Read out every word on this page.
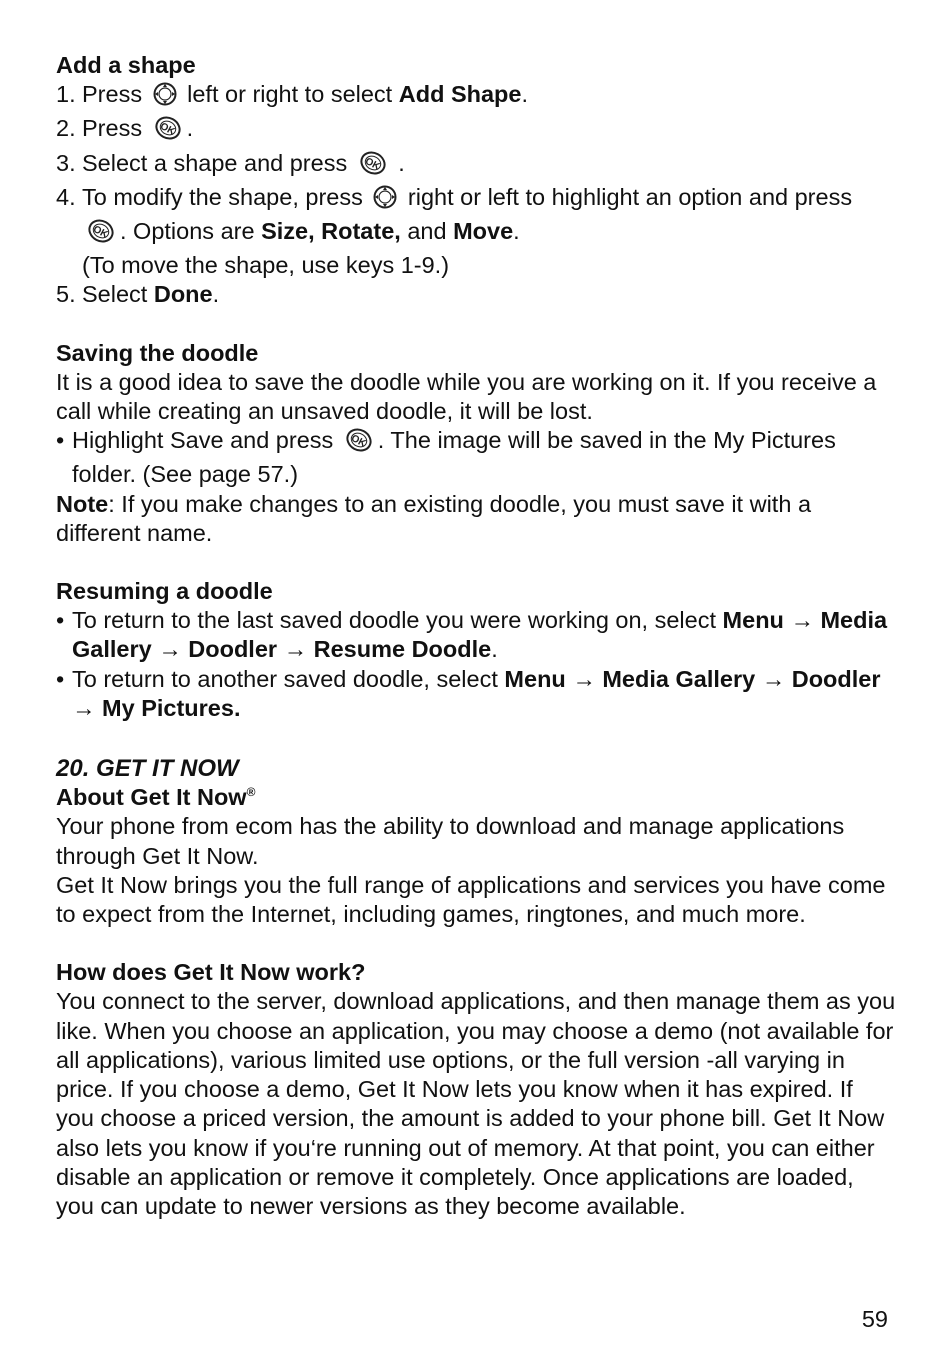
Add a shape

1. Press left or right to select Add Shape.
2. Press OK .
3. Select a shape and press OK .
4. To modify the shape, press right or left to highlight an option and press
OK . Options are Size, Rotate, and Move.
(To move the shape, use keys 1-9.)
5. Select Done.

Saving the doodle

It is a good idea to save the doodle while you are working on it. If you receive a call while creating an unsaved doodle, it will be lost.

• Highlight Save and press OK . The image will be saved in the My Pictures folder. (See page 57.)

Note: If you make changes to an existing doodle, you must save it with a different name.

Resuming a doodle

• To return to the last saved doodle you were working on, select Menu → Media Gallery → Doodler → Resume Doodle.
• To return to another saved doodle, select Menu → Media Gallery → Doodler → My Pictures.

20. GET IT NOW

About Get It Now®

Your phone from ecom has the ability to download and manage applications through Get It Now.

Get It Now brings you the full range of applications and services you have come to expect from the Internet, including games, ringtones, and much more.

How does Get It Now work?

You connect to the server, download applications, and then manage them as you like. When you choose an application, you may choose a demo (not available for all applications), various limited use options, or the full version -all varying in price. If you choose a demo, Get It Now lets you know when it has expired. If you choose a priced version, the amount is added to your phone bill. Get It Now also lets you know if you‘re running out of memory. At that point, you can either disable an application or remove it completely. Once applications are loaded, you can update to newer versions as they become available.

59
